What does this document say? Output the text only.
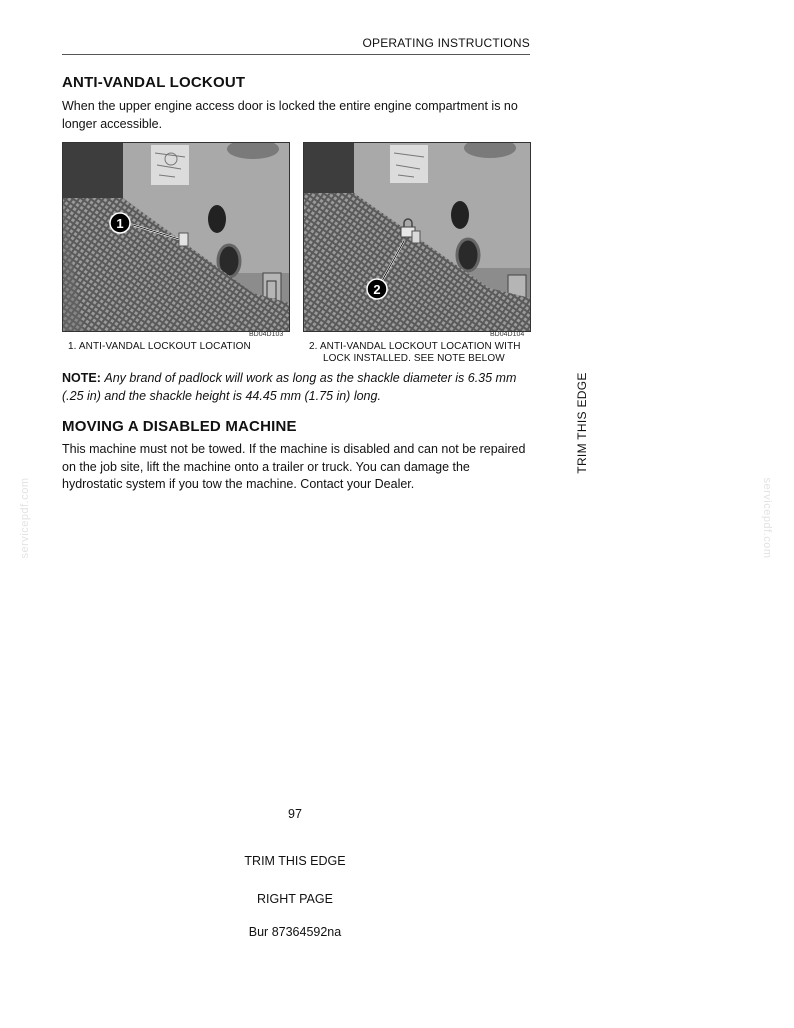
OPERATING INSTRUCTIONS
ANTI-VANDAL LOCKOUT
When the upper engine access door is locked the entire engine compartment is no longer accessible.
1
BD04D103
1. ANTI-VANDAL LOCKOUT LOCATION
2
BD04D104
2. ANTI-VANDAL LOCKOUT LOCATION WITH
LOCK INSTALLED. SEE NOTE BELOW
NOTE: Any brand of padlock will work as long as the shackle diameter is 6.35 mm (.25 in) and the shackle height is 44.45 mm (1.75 in) long.
MOVING A DISABLED MACHINE
This machine must not be towed. If the machine is disabled and can not be repaired on the job site, lift the machine onto a trailer or truck. You can damage the hydrostatic system if you tow the machine. Contact your Dealer.
TRIM THIS EDGE
servicepdf.com	servicepdf.com
97
TRIM THIS EDGE
RIGHT PAGE
Bur 87364592na
